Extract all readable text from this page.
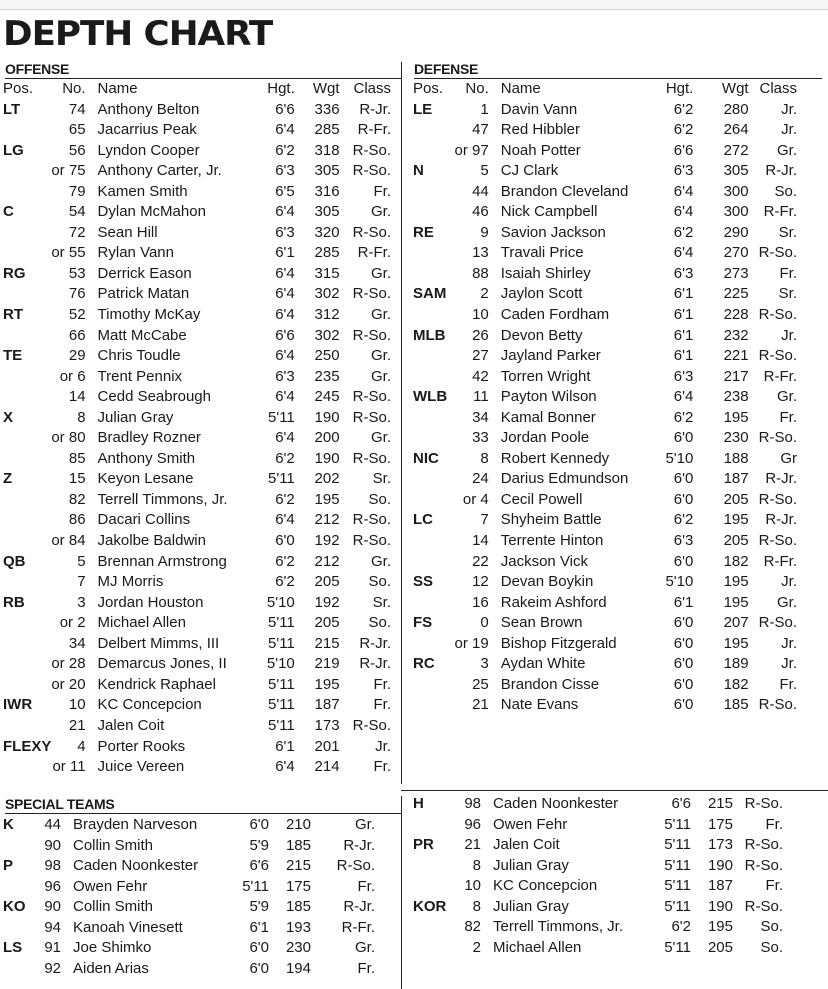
DEPTH CHART
OFFENSE	DEFENSE
SPECIAL TEAMS
Pos.	No.	Name	Hgt.	Wgt	Class
LT	74	Anthony Belton	6'6	336	R-Jr.
	65	Jacarrius Peak	6'4	285	R-Fr.
LG	56	Lyndon Cooper	6'2	318	R-So.
	or 75	Anthony Carter, Jr.	6'3	305	R-So.
	79	Kamen Smith	6'5	316	Fr.
C	54	Dylan McMahon	6'4	305	Gr.
	72	Sean Hill	6'3	320	R-So.
	or 55	Rylan Vann	6'1	285	R-Fr.
RG	53	Derrick Eason	6'4	315	Gr.
	76	Patrick Matan	6'4	302	R-So.
RT	52	Timothy McKay	6'4	312	Gr.
	66	Matt McCabe	6'6	302	R-So.
TE	29	Chris Toudle	6'4	250	Gr.
	or 6	Trent Pennix	6'3	235	Gr.
	14	Cedd Seabrough	6'4	245	R-So.
X	8	Julian Gray	5'11	190	R-So.
	or 80	Bradley Rozner	6'4	200	Gr.
	85	Anthony Smith	6'2	190	R-So.
Z	15	Keyon Lesane	5'11	202	Sr.
	82	Terrell Timmons, Jr.	6'2	195	So.
	86	Dacari Collins	6'4	212	R-So.
	or 84	Jakolbe Baldwin	6'0	192	R-So.
QB	5	Brennan Armstrong	6'2	212	Gr.
	7	MJ Morris	6'2	205	So.
RB	3	Jordan Houston	5'10	192	Sr.
	or 2	Michael Allen	5'11	205	So.
	34	Delbert Mimms, III	5'11	215	R-Jr.
	or 28	Demarcus Jones, II	5'10	219	R-Jr.
	or 20	Kendrick Raphael	5'11	195	Fr.
IWR	10	KC Concepcion	5'11	187	Fr.
	21	Jalen Coit	5'11	173	R-So.
FLEXY	4	Porter Rooks	6'1	201	Jr.
	or 11	Juice Vereen	6'4	214	Fr.
Pos.	No.	Name	Hgt.	Wgt	Class
LE	1	Davin Vann	6'2	280	Jr.
	47	Red Hibbler	6'2	264	Jr.
	or 97	Noah Potter	6'6	272	Gr.
N	5	CJ Clark	6'3	305	R-Jr.
	44	Brandon Cleveland	6'4	300	So.
	46	Nick Campbell	6'4	300	R-Fr.
RE	9	Savion Jackson	6'2	290	Sr.
	13	Travali Price	6'4	270	R-So.
	88	Isaiah Shirley	6'3	273	Fr.
SAM	2	Jaylon Scott	6'1	225	Sr.
	10	Caden Fordham	6'1	228	R-So.
MLB	26	Devon Betty	6'1	232	Jr.
	27	Jayland Parker	6'1	221	R-So.
	42	Torren Wright	6'3	217	R-Fr.
WLB	11	Payton Wilson	6'4	238	Gr.
	34	Kamal Bonner	6'2	195	Fr.
	33	Jordan Poole	6'0	230	R-So.
NIC	8	Robert Kennedy	5'10	188	Gr
	24	Darius Edmundson	6'0	187	R-Jr.
	or 4	Cecil Powell	6'0	205	R-So.
LC	7	Shyheim Battle	6'2	195	R-Jr.
	14	Terrente Hinton	6'3	205	R-So.
	22	Jackson Vick	6'0	182	R-Fr.
SS	12	Devan Boykin	5'10	195	Jr.
	16	Rakeim Ashford	6'1	195	Gr.
FS	0	Sean Brown	6'0	207	R-So.
	or 19	Bishop Fitzgerald	6'0	195	Jr.
RC	3	Aydan White	6'0	189	Jr.
	25	Brandon Cisse	6'0	182	Fr.
	21	Nate Evans	6'0	185	R-So.
K	44	Brayden Narveson	6'0	210	Gr.
	90	Collin Smith	5'9	185	R-Jr.
P	98	Caden Noonkester	6'6	215	R-So.
	96	Owen Fehr	5'11	175	Fr.
KO	90	Collin Smith	5'9	185	R-Jr.
	94	Kanoah Vinesett	6'1	193	R-Fr.
LS	91	Joe Shimko	6'0	230	Gr.
	92	Aiden Arias	6'0	194	Fr.
H	98	Caden Noonkester	6'6	215	R-So.
	96	Owen Fehr	5'11	175	Fr.
PR	21	Jalen Coit	5'11	173	R-So.
	8	Julian Gray	5'11	190	R-So.
	10	KC Concepcion	5'11	187	Fr.
KOR	8	Julian Gray	5'11	190	R-So.
	82	Terrell Timmons, Jr.	6'2	195	So.
	2	Michael Allen	5'11	205	So.
